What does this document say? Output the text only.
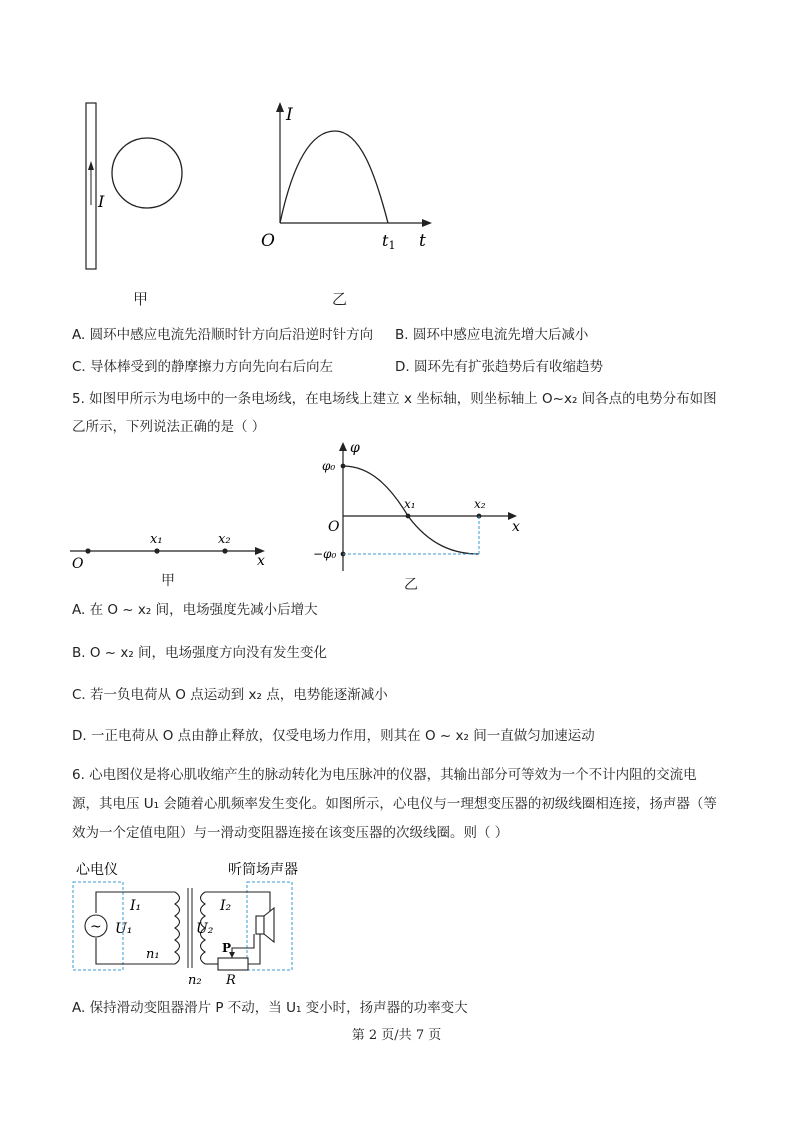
I
甲
I
O	t1 t
乙
A. 圆环中感应电流先沿顺时针方向后沿逆时针方向 B. 圆环中感应电流先增大后减小
C. 导体棒受到的静摩擦力方向先向右后向左	D. 圆环先有扩张趋势后有收缩趋势
5. 如图甲所示为电场中的一条电场线，在电场线上建立 x 坐标轴，则坐标轴上 O~x₂ 间各点的电势分布如图
乙所示，下列说法正确的是（ ）
O
x₁	x₂
x
甲
φ
φ₀
−φ₀
O
x₁	x₂
x
乙
A. 在 O ~ x₂ 间，电场强度先减小后增大
B. O ~ x₂ 间，电场强度方向没有发生变化
C. 若一负电荷从 O 点运动到 x₂ 点，电势能逐渐减小
D. 一正电荷从 O 点由静止释放，仅受电场力作用，则其在 O ~ x₂ 间一直做匀加速运动
6. 心电图仪是将心肌收缩产生的脉动转化为电压脉冲的仪器，其输出部分可等效为一个不计内阻的交流电
源，其电压 U₁ 会随着心肌频率发生变化。如图所示，心电仪与一理想变压器的初级线圈相连接，扬声器（等
效为一个定值电阻）与一滑动变阻器连接在该变压器的次级线圈。则（ ）
心电仪	听筒场声器
~
I₁
U₁
n₁
U₂
I₂
n₂
P
R
A. 保持滑动变阻器滑片 P 不动，当 U₁ 变小时，扬声器的功率变大
第 2 页/共 7 页
